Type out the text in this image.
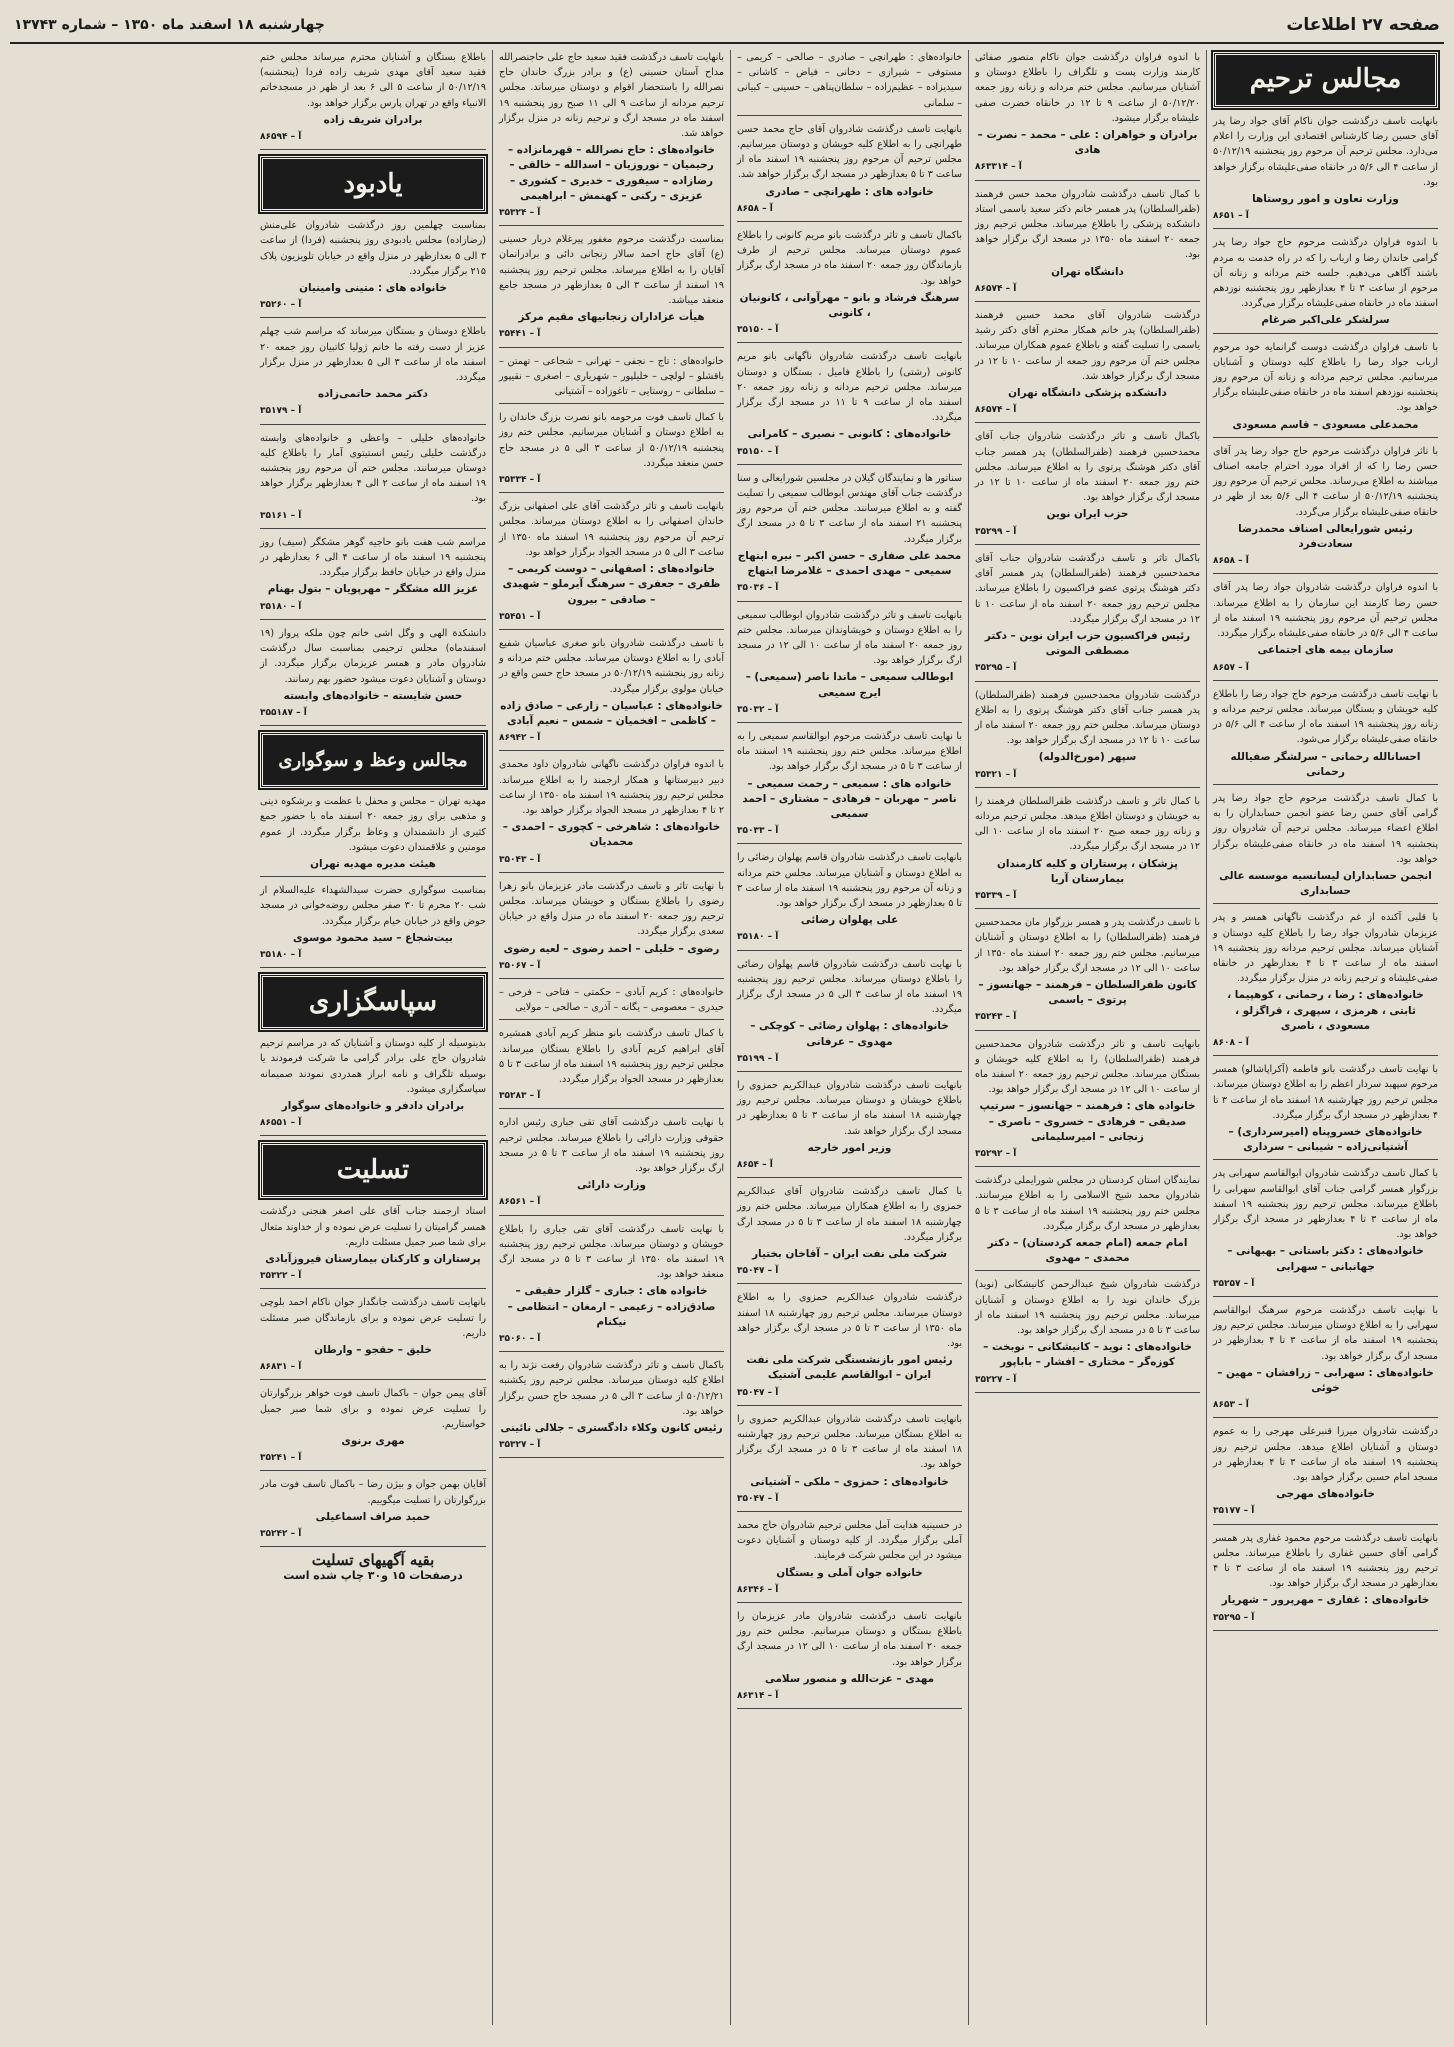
صفحه ۲۷ اطلاعات
چهارشنبه ۱۸ اسفند ماه ۱۳۵۰ – شماره ۱۳۷۴۳
مجالس ترحیم

بانهایت تاسف درگذشت جوان ناکام آقای جواد رضا پدر آقای حسین رضا کارشناس اقتصادی این وزارت را اعلام می‌دارد. مجلس ترحیم آن مرحوم روز پنجشنبه ۵۰/۱۲/۱۹ از ساعت ۴ الی ۵/۶ در خانقاه صفی‌علیشاه برگزار خواهد بود.

وزارت تعاون و امور روستاها
۸۶۵۱ – آ

با اندوه فراوان درگذشت مرحوم حاج جواد رضا پدر گرامی خاندان رضا و ارباب را که در راه خدمت به مردم باشند آگاهی می‌دهیم. جلسه ختم مردانه و زنانه آن مرحوم از ساعت ۳ تا ۴ بعدازظهر روز پنجشنبه نوزدهم اسفند ماه در خانقاه صفی‌علیشاه برگزار می‌گردد.

سرلشکر علی‌اکبر ضرغام

با تاسف فراوان درگذشت دوست گرانمایه خود مرحوم ارباب جواد رضا را باطلاع کلیه دوستان و آشنایان میرسانیم. مجلس ترحیم مردانه و زنانه آن مرحوم روز پنجشنبه نوزدهم اسفند ماه در خانقاه صفی‌علیشاه برگزار خواهد بود.

محمدعلی مسعودی – قاسم مسعودی

با تاثر فراوان درگذشت مرحوم حاج جواد رضا پدر آقای حسن رضا را که از افراد مورد احترام جامعه اصناف میباشند به اطلاع می‌رساند. مجلس ترحیم آن مرحوم روز پنجشنبه ۵۰/۱۲/۱۹ از ساعت ۴ الی ۵/۶ بعد از ظهر در خانقاه صفی‌علیشاه برگزار می‌گردد.

رئیس شورایعالی اصناف محمدرضا سعادت‌فرد
۸۶۵۸ – آ

با اندوه فراوان درگذشت شادروان جواد رضا پدر آقای حسن رضا کارمند این سازمان را به اطلاع میرساند. مجلس ترحیم آن مرحوم روز پنجشنبه ۱۹ اسفند ماه از ساعت ۴ الی ۵/۶ در خانقاه صفی‌علیشاه برگزار میگردد.

سازمان بیمه های اجتماعی
۸۶۵۷ – آ

با نهایت تاسف درگذشت مرحوم حاج جواد رضا را باطلاع کلیه خویشان و بستگان میرساند. مجلس ترحیم مردانه و زنانه روز پنجشنبه ۱۹ اسفند ماه از ساعت ۴ الی ۵/۶ در خانقاه صفی‌علیشاه برگزار می‌شود.

احسانالله رحمانی – سرلشگر صفیالله رحمانی

با کمال تاسف درگذشت مرحوم حاج جواد رضا پدر گرامی آقای حسن رضا عضو انجمن حسابداران را به اطلاع اعضاء میرساند. مجلس ترحیم آن شادروان روز پنجشنبه ۱۹ اسفند ماه در خانقاه صفی‌علیشاه برگزار خواهد بود.

انجمن حسابداران لیسانسیه موسسه عالی حسابداری

با قلبی آکنده از غم درگذشت ناگهانی همسر و پدر عزیزمان شادروان جواد رضا را باطلاع کلیه دوستان و آشنایان میرساند. مجلس ترحیم مردانه روز پنجشنبه ۱۹ اسفند ماه از ساعت ۳ تا ۴ بعدازظهر در خانقاه صفی‌علیشاه و ترحیم زنانه در منزل برگزار میگردد.

خانواده‌های : رضا ، رحمانی ، کوهپیما ، ثابتی ، هرمزی ، سپهری ، قراگزلو ، مسعودی ، ناصری
۸۶۰۸ – آ

با نهایت تاسف درگذشت بانو فاطمه (آکراپاشالو) همسر مرحوم سپهبد سردار اعظم را به اطلاع دوستان میرساند. مجلس ترحیم روز چهارشنبه ۱۸ اسفند ماه از ساعت ۳ تا ۴ بعدازظهر در مسجد ارگ برگزار میگردد.

خانواده‌های خسروپناه (امیرسرداری) – آشتیانی‌زاده – شیبانی – سرداری

با کمال تاسف درگذشت شادروان ابوالقاسم سهرابی پدر بزرگوار همسر گرامی جناب آقای ابوالقاسم سهرابی را باطلاع میرساند. مجلس ترحیم روز پنجشنبه ۱۹ اسفند ماه از ساعت ۳ تا ۴ بعدازظهر در مسجد ارگ برگزار خواهد بود.

خانواده‌های : دکتر باستانی – بهبهانی – جهانبانی – سهرابی
۳۵۲۵۷ – آ

با نهایت تاسف درگذشت مرحوم سرهنگ ابوالقاسم سهرابی را به اطلاع دوستان میرساند. مجلس ترحیم روز پنجشنبه ۱۹ اسفند ماه از ساعت ۳ تا ۴ بعدازظهر در مسجد ارگ برگزار خواهد بود.

خانواده‌های : سهرابی – زرافشان – مهین – خوئی
۸۶۵۳ – آ

درگذشت شادروان میرزا قنبرعلی مهرجی را به عموم دوستان و آشنایان اطلاع میدهد. مجلس ترحیم روز پنجشنبه ۱۹ اسفند ماه از ساعت ۳ تا ۴ بعدازظهر در مسجد امام حسین برگزار خواهد بود.

خانواده‌های مهرجی
۳۵۱۷۷ – آ

بانهایت تاسف درگذشت مرحوم محمود غفاری پدر همسر گرامی آقای حسین غفاری را باطلاع میرساند. مجلس ترحیم روز پنجشنبه ۱۹ اسفند ماه از ساعت ۳ تا ۴ بعدازظهر در مسجد ارگ برگزار خواهد بود.

خانواده‌های : غفاری – مهرپرور – شهریار
۳۵۲۹۵ – آ

با اندوه فراوان درگذشت جوان ناکام منصور صفائی کارمند وزارت پست و تلگراف را باطلاع دوستان و آشنایان میرسانیم. مجلس ختم مردانه و زنانه روز جمعه ۵۰/۱۲/۲۰ از ساعت ۹ تا ۱۲ در خانقاه خضرت صفی علیشاه برگزار میشود.

برادران و خواهران : علی – محمد – نصرت – هادی
۸۶۳۳۱۴ – آ

با کمال تاسف درگذشت شادروان محمد حسن فرهمند (ظفرالسلطان) پدر همسر خانم دکتر سعید یاسمی استاد دانشکده پزشکی را باطلاع میرساند. مجلس ترحیم روز جمعه ۲۰ اسفند ماه ۱۳۵۰ در مسجد ارگ برگزار خواهد بود.

دانشگاه تهران
۸۶۵۷۴ – آ

درگذشت شادروان آقای محمد حسین فرهمند (ظفرالسلطان) پدر خانم همکار محترم آقای دکتر رشید یاسمی را تسلیت گفته و باطلاع عموم همکاران میرساند. مجلس ختم آن مرحوم روز جمعه از ساعت ۱۰ تا ۱۲ در مسجد ارگ برگزار خواهد شد.

دانشکده پزشکی دانشگاه تهران
۸۶۵۷۴ – آ

باکمال تاسف و تاثر درگذشت شادروان جناب آقای محمدحسین فرهمند (ظفرالسلطان) پدر همسر جناب آقای دکتر هوشنگ پرتوی را به اطلاع میرساند. مجلس ختم روز جمعه ۲۰ اسفند ماه از ساعت ۱۰ تا ۱۲ در مسجد ارگ برگزار خواهد بود.

حزب ایران نوین
۳۵۲۹۹ – آ

باکمال تاثر و تاسف درگذشت شادروان جناب آقای محمدحسین فرهمند (ظفرالسلطان) پدر همسر آقای دکتر هوشنگ پرتوی عضو فراکسیون را باطلاع میرساند. مجلس ترحیم روز جمعه ۲۰ اسفند ماه از ساعت ۱۰ تا ۱۲ در مسجد ارگ برگزار میگردد.

رئیس فراکسیون حزب ایران نوین – دکتر مصطفی الموتی
۳۵۲۹۵ – آ

درگذشت شادروان محمدحسین فرهمند (ظفرالسلطان) پدر همسر جناب آقای دکتر هوشنگ پرتوی را به اطلاع دوستان میرساند. مجلس ختم روز جمعه ۲۰ اسفند ماه از ساعت ۱۰ تا ۱۲ در مسجد ارگ برگزار خواهد بود.

سپهر (مورخ‌الدوله)
۳۵۳۲۱ – آ

با کمال تاثر و تاسف درگذشت ظفرالسلطان فرهمند را به خویشان و دوستان اطلاع میدهد. مجلس ترحیم مردانه و زنانه روز جمعه صبح ۲۰ اسفند ماه از ساعت ۱۰ الی ۱۲ در مسجد ارگ برگزار میگردد.

پزشکان ، پرستاران و کلیه کارمندان بیمارستان آریا
۳۵۳۳۹ – آ

با تاسف درگذشت پدر و همسر بزرگوار مان محمدحسین فرهمند (ظفرالسلطان) را به اطلاع دوستان و آشنایان میرسانیم. مجلس ختم روز جمعه ۲۰ اسفند ماه ۱۳۵۰ از ساعت ۱۰ الی ۱۲ در مسجد ارگ برگزار خواهد بود.

کانون ظفرالسلطان – فرهمند – جهانسوز – پرتوی – یاسمی
۳۵۲۴۳ – آ

بانهایت تاسف و تاثر درگذشت شادروان محمدحسین فرهمند (ظفرالسلطان) را به اطلاع کلیه خویشان و بستگان میرساند. مجلس ترحیم روز جمعه ۲۰ اسفند ماه از ساعت ۱۰ الی ۱۲ در مسجد ارگ برگزار خواهد بود.

خانواده های : فرهمند – جهانسوز – سرتیپ صدیقی – فرهادی – خسروی – ناصری – زنجانی – امیرسلیمانی
۳۵۲۹۲ – آ

نمایندگان استان کردستان در مجلس شورایملی درگذشت شادروان محمد شیخ الاسلامی را به اطلاع میرسانند. مجلس ختم روز پنجشنبه ۱۹ اسفند ماه از ساعت ۳ تا ۵ بعدازظهر در مسجد ارگ برگزار میگردد.

امام جمعه (امام جمعه کردستان) – دکتر محمدی – مهدوی

درگذشت شادروان شیخ عبدالرحمن کانیشکانی (نوید) بزرگ خاندان نوید را به اطلاع دوستان و آشنایان میرساند. مجلس ترحیم روز پنجشنبه ۱۹ اسفند ماه از ساعت ۳ تا ۵ در مسجد ارگ برگزار خواهد بود.

خانواده‌های : نوید – کانیشکانی – نوبخت – کوزه‌گر – مختاری – افشار – باباپور
۳۵۲۲۷ – آ

خانواده‌های : طهرانچی – صادری – صالحی – کریمی – مستوفی – شیرازی – دخانی – فیاض – کاشانی – سیدیزاده – عظیم‌زاده – سلطان‌پناهی – حسینی – کبیانی – سلمانی

بانهایت تاسف درگذشت شادروان آقای حاج محمد حسن طهرانچی را به اطلاع کلیه خویشان و دوستان میرسانیم. مجلس ترحیم آن مرحوم روز پنجشنبه ۱۹ اسفند ماه از ساعت ۳ تا ۵ بعدازظهر در مسجد ارگ برگزار خواهد شد.

خانواده های : طهرانچی – صادری
۸۶۵۸ – آ

باکمال تاسف و تاثر درگذشت بانو مریم کانونی را باطلاع عموم دوستان میرساند. مجلس ترحیم از طرف بازماندگان روز جمعه ۲۰ اسفند ماه در مسجد ارگ برگزار خواهد بود.

سرهنگ فرشاد و بانو – مهرآوانی ، کانونیان ، کانونی
۳۵۱۵۰ – آ

بانهایت تاسف درگذشت شادروان ناگهانی بانو مریم کانونی (رشتی) را باطلاع فامیل ، بستگان و دوستان میرساند. مجلس ترحیم مردانه و زنانه روز جمعه ۲۰ اسفند ماه از ساعت ۹ تا ۱۱ در مسجد ارگ برگزار میگردد.

خانواده‌های : کانونی – نصیری – کامرانی
۳۵۱۵۰ – آ

سناتور ها و نمایندگان گیلان در مجلسین شورایعالی و سنا درگذشت جناب آقای مهندس ابوطالب سمیعی را تسلیت گفته و به اطلاع میرسانند. مجلس ختم آن مرحوم روز پنجشنبه ۲۱ اسفند ماه از ساعت ۳ تا ۵ در مسجد ارگ برگزار میگردد.

محمد علی صفاری – حسن اکبر – نیره ابتهاج سمیعی – مهدی احمدی – غلامرضا ابتهاج
۳۵۰۳۶ – آ

بانهایت تاسف و تاثر درگذشت شادروان ابوطالب سمیعی را به اطلاع دوستان و خویشاوندان میرساند. مجلس ختم روز جمعه ۲۰ اسفند ماه از ساعت ۱۰ الی ۱۲ در مسجد ارگ برگزار خواهد بود.

ابوطالب سمیعی – ماندا ناصر (سمیعی) – ایرج سمیعی
۳۵۰۳۲ – آ

با نهایت تاسف درگذشت مرحوم ابوالقاسم سمیعی را به اطلاع میرساند. مجلس ختم روز پنجشنبه ۱۹ اسفند ماه از ساعت ۳ تا ۵ در مسجد ارگ برگزار خواهد بود.

خانواده های : سمیعی – رحمت سمیعی – ناصر – مهربان – فرهادی – مشتاری – احمد سمیعی
۳۵۰۳۳ – آ

بانهایت تاسف درگذشت شادروان قاسم پهلوان رضائی را به اطلاع دوستان و آشنایان میرساند. مجلس ختم مردانه و زنانه آن مرحوم روز پنجشنبه ۱۹ اسفند ماه از ساعت ۳ تا ۵ بعدازظهر در مسجد ارگ برگزار خواهد بود.

علی پهلوان رضائی
۳۵۱۸۰ – آ

با نهایت تاسف درگذشت شادروان قاسم پهلوان رضائی را باطلاع دوستان میرساند. مجلس ترحیم روز پنجشنبه ۱۹ اسفند ماه از ساعت ۳ الی ۵ در مسجد ارگ برگزار میگردد.

خانواده‌های : پهلوان رضائی – کوچکی – مهدوی – عرفانی
۳۵۱۹۹ – آ

بانهایت تاسف درگذشت شادروان عبدالکریم حمزوی را باطلاع خویشان و دوستان میرساند. مجلس ترحیم روز چهارشنبه ۱۸ اسفند ماه از ساعت ۳ تا ۵ بعدازظهر در مسجد ارگ برگزار خواهد شد.

وزیر امور خارجه
۸۶۵۴ – آ

با کمال تاسف درگذشت شادروان آقای عبدالکریم حمزوی را به اطلاع همکاران میرساند. مجلس ختم روز چهارشنبه ۱۸ اسفند ماه از ساعت ۳ تا ۵ در مسجد ارگ برگزار میگردد.

شرکت ملی نفت ایران – آقاخان بختیار
۳۵۰۴۷ – آ

درگذشت شادروان عبدالکریم حمزوی را به اطلاع دوستان میرساند. مجلس ترحیم روز چهارشنبه ۱۸ اسفند ماه ۱۳۵۰ از ساعت ۳ تا ۵ در مسجد ارگ برگزار خواهد بود.

رئیس امور بازنشستگی شرکت ملی نفت ایران – ابوالقاسم علیمی آشتیک
۳۵۰۴۷ – آ

بانهایت تاسف درگذشت شادروان عبدالکریم حمزوی را به اطلاع بستگان میرساند. مجلس ترحیم روز چهارشنبه ۱۸ اسفند ماه از ساعت ۳ تا ۵ در مسجد ارگ برگزار خواهد بود.

خانواده‌های : حمزوی – ملکی – آشتیانی
۳۵۰۴۷ – آ

در حسینیه هدایت آمل مجلس ترحیم شادروان حاج محمد آملی برگزار میگردد. از کلیه دوستان و آشنایان دعوت میشود در این مجلس شرکت فرمایند.

خانواده جوان آملی و بستگان
۸۶۳۴۶ – آ

بانهایت تاسف درگذشت شادروان مادر عزیزمان را باطلاع بستگان و دوستان میرسانیم. مجلس ختم روز جمعه ۲۰ اسفند ماه از ساعت ۱۰ الی ۱۲ در مسجد ارگ برگزار خواهد بود.

مهدی – عزت‌الله و منصور سلامی
۸۶۳۱۴ – آ

بانهایت تاسف درگذشت فقید سعید حاج علی حاجنصرالله مداح آستان حسینی (ع) و برادر بزرگ خاندان حاج نصرالله را باستحضار اقوام و دوستان میرساند. مجلس ترحیم مردانه از ساعت ۹ الی ۱۱ صبح روز پنجشنبه ۱۹ اسفند ماه در مسجد ارگ و ترحیم زنانه در منزل برگزار خواهد شد.

خانواده‌های : حاج نصرالله – قهرمانزاده – رحیمیان – نوروزیان – اسدالله – خالقی – رضازاده – سیفوری – خدیری – کشوری – عزیزی – رکنی – کهنمش – ابراهیمی
۳۵۳۲۴ – آ

بمناسبت درگذشت مرحوم مغفور پیرغلام دربار حسینی (ع) آقای حاج احمد سالار زنجانی دائی و برادرانمان آقایان را به اطلاع میرساند. مجلس ترحیم روز پنجشنبه ۱۹ اسفند از ساعت ۳ الی ۵ بعدازظهر در مسجد جامع منعقد میباشد.

هیأت عزاداران زنجانیهای مقیم مرکز
۳۵۴۴۱ – آ

خانواده‌های : تاج – نجفی – تهرانی – شجاعی – تهمتن – باقشلو – لولچی – خلیلپور – شهریاری – اصغری – نقیپور – سلطانی – روستایی – تاغوزاده – آشتیانی

با کمال تاسف فوت مرحومه بانو نصرت بزرگ خاندان را به اطلاع دوستان و آشنایان میرسانیم. مجلس ختم روز پنجشنبه ۵۰/۱۲/۱۹ از ساعت ۳ الی ۵ در مسجد حاج حسن منعقد میگردد.

۳۵۳۳۴ – آ

بانهایت تاسف و تاثر درگذشت آقای علی اصفهانی بزرگ خاندان اصفهانی را به اطلاع دوستان میرساند. مجلس ترحیم آن مرحوم روز پنجشنبه ۱۹ اسفند ماه ۱۳۵۰ از ساعت ۳ الی ۵ در مسجد الجواد برگزار خواهد بود.

خانواده‌های : اصفهانی – دوست کریمی – ظفری – جعفری – سرهنگ آیرملو – شهیدی – صادقی – بیرون
۳۵۴۵۱ – آ

با تاسف درگذشت شادروان بانو صغری عباسیان شفیع آبادی را به اطلاع دوستان میرساند. مجلس ختم مردانه و زنانه روز پنجشنبه ۵۰/۱۲/۱۹ در مسجد حاج حسن واقع در خیابان مولوی برگزار میگردد.

خانواده‌های : عباسیان – زارعی – صادق زاده – کاظمی – افخمیان – شمس – نعیم آبادی
۸۶۹۴۲ – آ

با اندوه فراوان درگذشت ناگهانی شادروان داود محمدی دبیر دبیرستانها و همکار ارجمند را به اطلاع میرساند. مجلس ترحیم روز پنجشنبه ۱۹ اسفند ماه ۱۳۵۰ از ساعت ۲ تا ۴ بعدازظهر در مسجد الجواد برگزار خواهد بود.

خانواده‌های : شاهرخی – کچوری – احمدی – محمدیان
۳۵۰۴۳ – آ

با نهایت تاثر و تاسف درگذشت مادر عزیزمان بانو زهرا رضوی را باطلاع بستگان و خویشان میرساند. مجلس ترحیم روز جمعه ۲۰ اسفند ماه در منزل واقع در خیابان سعدی برگزار میگردد.

رضوی – خلیلی – احمد رضوی – لعیه رضوی
۳۵۰۶۷ – آ

خانواده‌های : کریم آبادی – حکمتی – فتاحی – فرخی – حیدری – معصومی – یگانه – آذری – صالحی – مولایی

با کمال تاسف درگذشت بانو منظر کریم آبادی همشیره آقای ابراهیم کریم آبادی را باطلاع بستگان میرساند. مجلس ترحیم روز پنجشنبه ۱۹ اسفند ماه از ساعت ۳ تا ۵ بعدازظهر در مسجد الجواد برگزار میگردد.

۳۵۲۸۳ – آ

با نهایت تاسف درگذشت آقای تقی جباری رئیس اداره حقوقی وزارت دارائی را باطلاع میرساند. مجلس ترحیم روز پنجشنبه ۱۹ اسفند ماه از ساعت ۳ تا ۵ در مسجد ارگ برگزار خواهد بود.

وزارت دارائی
۸۶۵۶۱ – آ

با نهایت تاسف درگذشت آقای تقی جباری را باطلاع خویشان و دوستان میرساند. مجلس ترحیم روز پنجشنبه ۱۹ اسفند ماه ۱۳۵۰ از ساعت ۳ تا ۵ در مسجد ارگ منعقد خواهد بود.

خانواده های : جباری – گلزار حقیقی – صادق‌زاده – زعیمی – ارمغان – انتظامی – نیکنام
۳۵۰۶۰ – آ

باکمال تاسف و تاثر درگذشت شادروان رفعت نژند را به اطلاع کلیه دوستان میرساند. مجلس ترحیم روز یکشنبه ۵۰/۱۲/۲۱ از ساعت ۳ الی ۵ در مسجد حاج حسن برگزار خواهد بود.

رئیس کانون وکلاء دادگستری – جلالی نائینی
۳۵۳۲۷ – آ

باطلاع بستگان و آشنایان محترم میرساند مجلس ختم فقید سعید آقای مهدی شریف زاده فردا (پنجشنبه) ۵۰/۱۲/۱۹ از ساعت ۵ الی ۶ بعد از ظهر در مسجدخاتم الانبیاء واقع در تهران پارس برگزار خواهد بود.

برادران شریف زاده
۸۶۵۹۴ – آ
یادبود

بمناسبت چهلمین روز درگذشت شادروان علی‌منش (رضازاده) مجلس یادبودی روز پنجشنبه (فردا) از ساعت ۳ الی ۵ بعدازظهر در منزل واقع در خیابان تلویزیون پلاک ۲۱۵ برگزار میگردد.

خانواده های : متینی وامینیان
۳۵۲۶۰ – آ

باطلاع دوستان و بستگان میرساند که مراسم شب چهلم عزیز از دست رفته ما خانم ژولیا کاتبیان روز جمعه ۲۰ اسفند ماه از ساعت ۳ الی ۵ بعدازظهر در منزل برگزار میگردد.

دکتر محمد حاتمی‌زاده
۳۵۱۷۹ – آ

خانواده‌های خلیلی – واعظی و خانواده‌های وابسته درگذشت خلیلی رئیس انستیتوی آمار را باطلاع کلیه دوستان میرسانند. مجلس ختم آن مرحوم روز پنجشنبه ۱۹ اسفند ماه از ساعت ۲ الی ۴ بعدازظهر برگزار خواهد بود.

۳۵۱۶۱ – آ

مراسم شب هفت بانو حاجیه گوهر مشکگر (سیف) روز پنجشنبه ۱۹ اسفند ماه از ساعت ۴ الی ۶ بعدازظهر در منزل واقع در خیابان حافظ برگزار میگردد.

عزیز الله مشکگر – مهرپویان – بتول بهنام
۳۵۱۸۰ – آ

دانشکدة الهی و وگل اشی خانم چون ملکه پرواز (۱۹ اسفندماه) مجلس ترحیمی بمناسبت سال درگذشت شادروان مادر و همسر عزیزمان برگزار میگردد. از دوستان و آشنایان دعوت میشود حضور بهم رسانند.

حسن شایسته – خانواده‌های وابسته
۳۵۵۱۸۷ – آ
مجالس وعظ و سوگواری

مهدیه تهران – مجلس و محفل با عظمت و برشکوه دینی و مذهبی برای روز جمعه ۲۰ اسفند ماه با حضور جمع کثیری از دانشمندان و وعاظ برگزار میگردد. از عموم مومنین و علاقمندان دعوت میشود.

هیئت مدیره مهدیه تهران

بمناسبت سوگواری حضرت سیدالشهداء علیه‌السلام از شب ۲۰ محرم تا ۳۰ صفر مجلس روضه‌خوانی در مسجد حوض واقع در خیابان خیام برگزار میگردد.

بیت‌شجاع – سید محمود موسوی
۳۵۱۸۰ – آ
سپاسگزاری

بدینوسیله از کلیه دوستان و آشنایان که در مراسم ترحیم شادروان حاج علی برادر گرامی ما شرکت فرمودند یا بوسیله تلگراف و نامه ابراز همدردی نمودند صمیمانه سپاسگزاری میشود.

برادران دادفر و خانواده‌های سوگوار
۸۶۵۵۱ – آ
تسلیت

استاد ارجمند جناب آقای علی اصغر هنجنی درگذشت همسر گرامیتان را تسلیت عرض نموده و از خداوند متعال برای شما صبر جمیل مسئلت داریم.

پرستاران و کارکنان بیمارستان فیروزآبادی
۳۵۳۲۲ – آ

بانهایت تاسف درگذشت جانگداز جوان ناکام احمد بلوچی را تسلیت عرض نموده و برای بازماندگان صبر مسئلت داریم.

خلیق – حقجو – وارطان
۸۶۸۳۱ – آ

آقای پیمن جوان – باکمال تاسف فوت خواهر بزرگوارتان را تسلیت عرض نموده و برای شما صبر جمیل خواستاریم.

مهری برنوی
۳۵۲۴۱ – آ

آقایان بهمن جوان و بیژن رضا – باکمال تاسف فوت مادر بزرگوارتان را تسلیت میگوییم.

حمید صراف اسماعیلی
۳۵۲۴۲ – آ
بقیه آگهیهای تسلیت
درصفحات ۱۵ و۳۰ چاپ شده است
